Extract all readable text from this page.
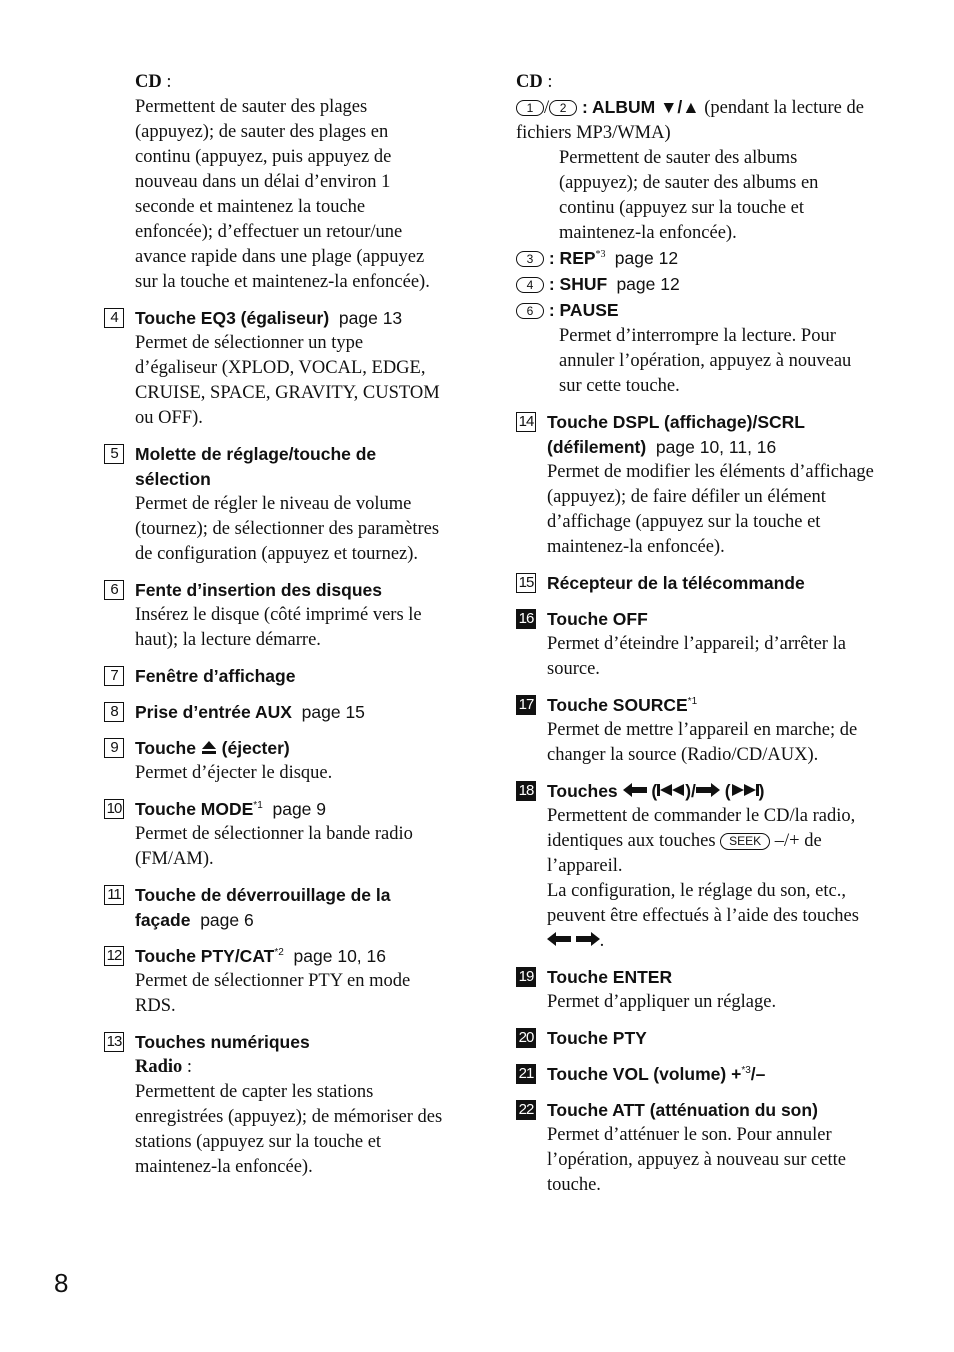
CD :
Permettent de sauter des plages (appuyez); de sauter des plages en continu (appuyez, puis appuyez de nouveau dans un délai d’environ 1 seconde et maintenez la touche enfoncée); d’effectuer un retour/une avance rapide dans une plage (appuyez sur la touche et maintenez-la enfoncée).
4 Touche EQ3 (égaliseur) page 13
Permet de sélectionner un type d’égaliseur (XPLOD, VOCAL, EDGE, CRUISE, SPACE, GRAVITY, CUSTOM ou OFF).
5 Molette de réglage/touche de sélection
Permet de régler le niveau de volume (tournez); de sélectionner des paramètres de configuration (appuyez et tournez).
6 Fente d’insertion des disques
Insérez le disque (côté imprimé vers le haut); la lecture démarre.
7 Fenêtre d’affichage
8 Prise d’entrée AUX page 15
9 Touche  (éjecter)
Permet d’éjecter le disque.
10 Touche MODE$^{*1}$ page 9
Permet de sélectionner la bande radio (FM/AM).
11 Touche de déverrouillage de la façade page 6
12 Touche PTY/CAT$^{*2}$ page 10, 16
Permet de sélectionner PTY en mode RDS.
13 Touches numériques
Radio :
Permettent de capter les stations enregistrées (appuyez); de mémoriser des stations (appuyez sur la touche et maintenez-la enfoncée).
CD :
1 / 2 : ALBUM ▼/▲ (pendant la lecture de fichiers MP3/WMA)
Permettent de sauter des albums (appuyez); de sauter des albums en continu (appuyez sur la touche et maintenez-la enfoncée).
3 : REP$^{*3}$ page 12
4 : SHUF page 12
6 : PAUSE
Permet d’interrompre la lecture. Pour annuler l’opération, appuyez à nouveau sur cette touche.
14 Touche DSPL (affichage)/SCRL (défilement) page 10, 11, 16
Permet de modifier les éléments d’affichage (appuyez); de faire défiler un élément d’affichage (appuyez sur la touche et maintenez-la enfoncée).
15 Récepteur de la télécommande
16 Touche OFF
Permet d’éteindre l’appareil; d’arrêter la source.
17 Touche SOURCE$^{*1}$
Permet de mettre l’appareil en marche; de changer la source (Radio/CD/AUX).
18 Touches  ( )/ ( )
Permettent de commander le CD/la radio, identiques aux touches SEEK –/+ de l’appareil.
La configuration, le réglage du son, etc., peuvent être effectués à l’aide des touches  .
19 Touche ENTER
Permet d’appliquer un réglage.
20 Touche PTY
21 Touche VOL (volume) +$^{*3}$/–
22 Touche ATT (atténuation du son)
Permet d’atténuer le son. Pour annuler l’opération, appuyez à nouveau sur cette touche.
8
